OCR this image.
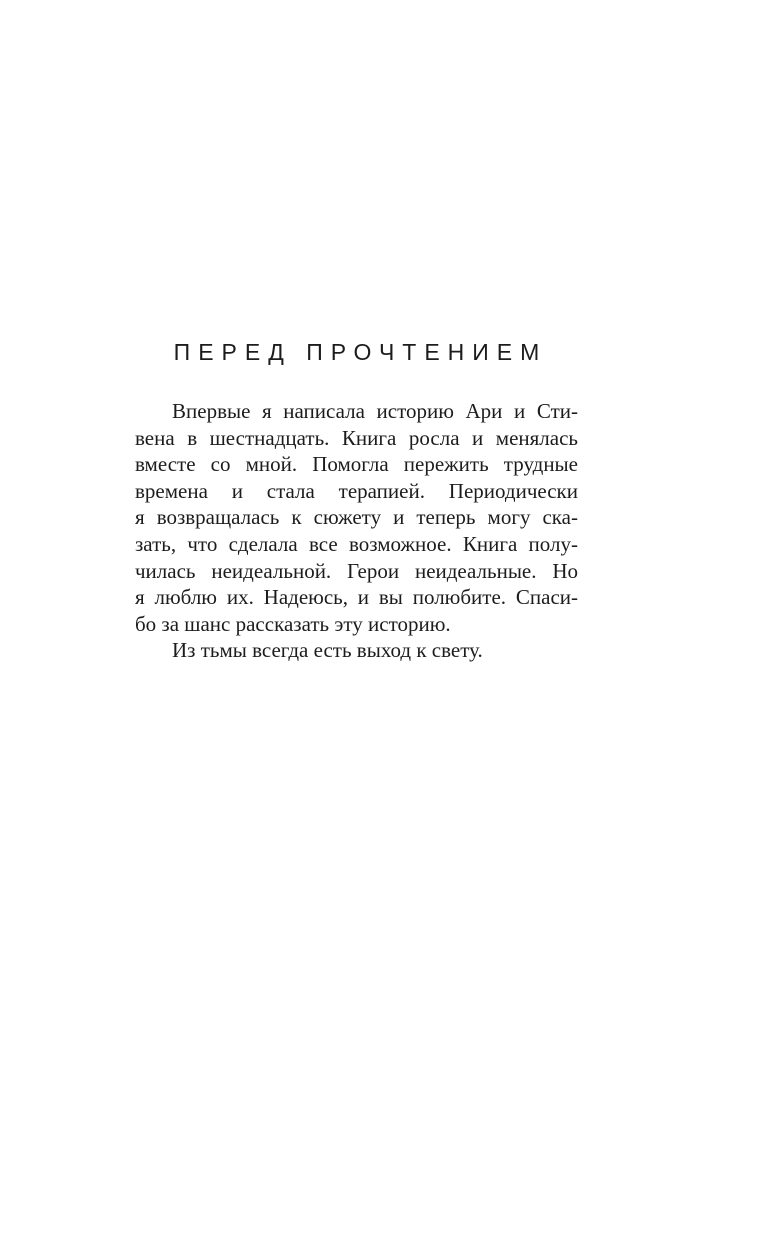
ПЕРЕД ПРОЧТЕНИЕМ
Впервые я написала историю Ари и Сти-
вена в шестнадцать. Книга росла и менялась
вместе со мной. Помогла пережить трудные
времена и стала терапией. Периодически
я возвращалась к сюжету и теперь могу ска-
зать, что сделала все возможное. Книга полу-
чилась неидеальной. Герои неидеальные. Но
я люблю их. Надеюсь, и вы полюбите. Спаси-
бо за шанс рассказать эту историю.
Из тьмы всегда есть выход к свету.
